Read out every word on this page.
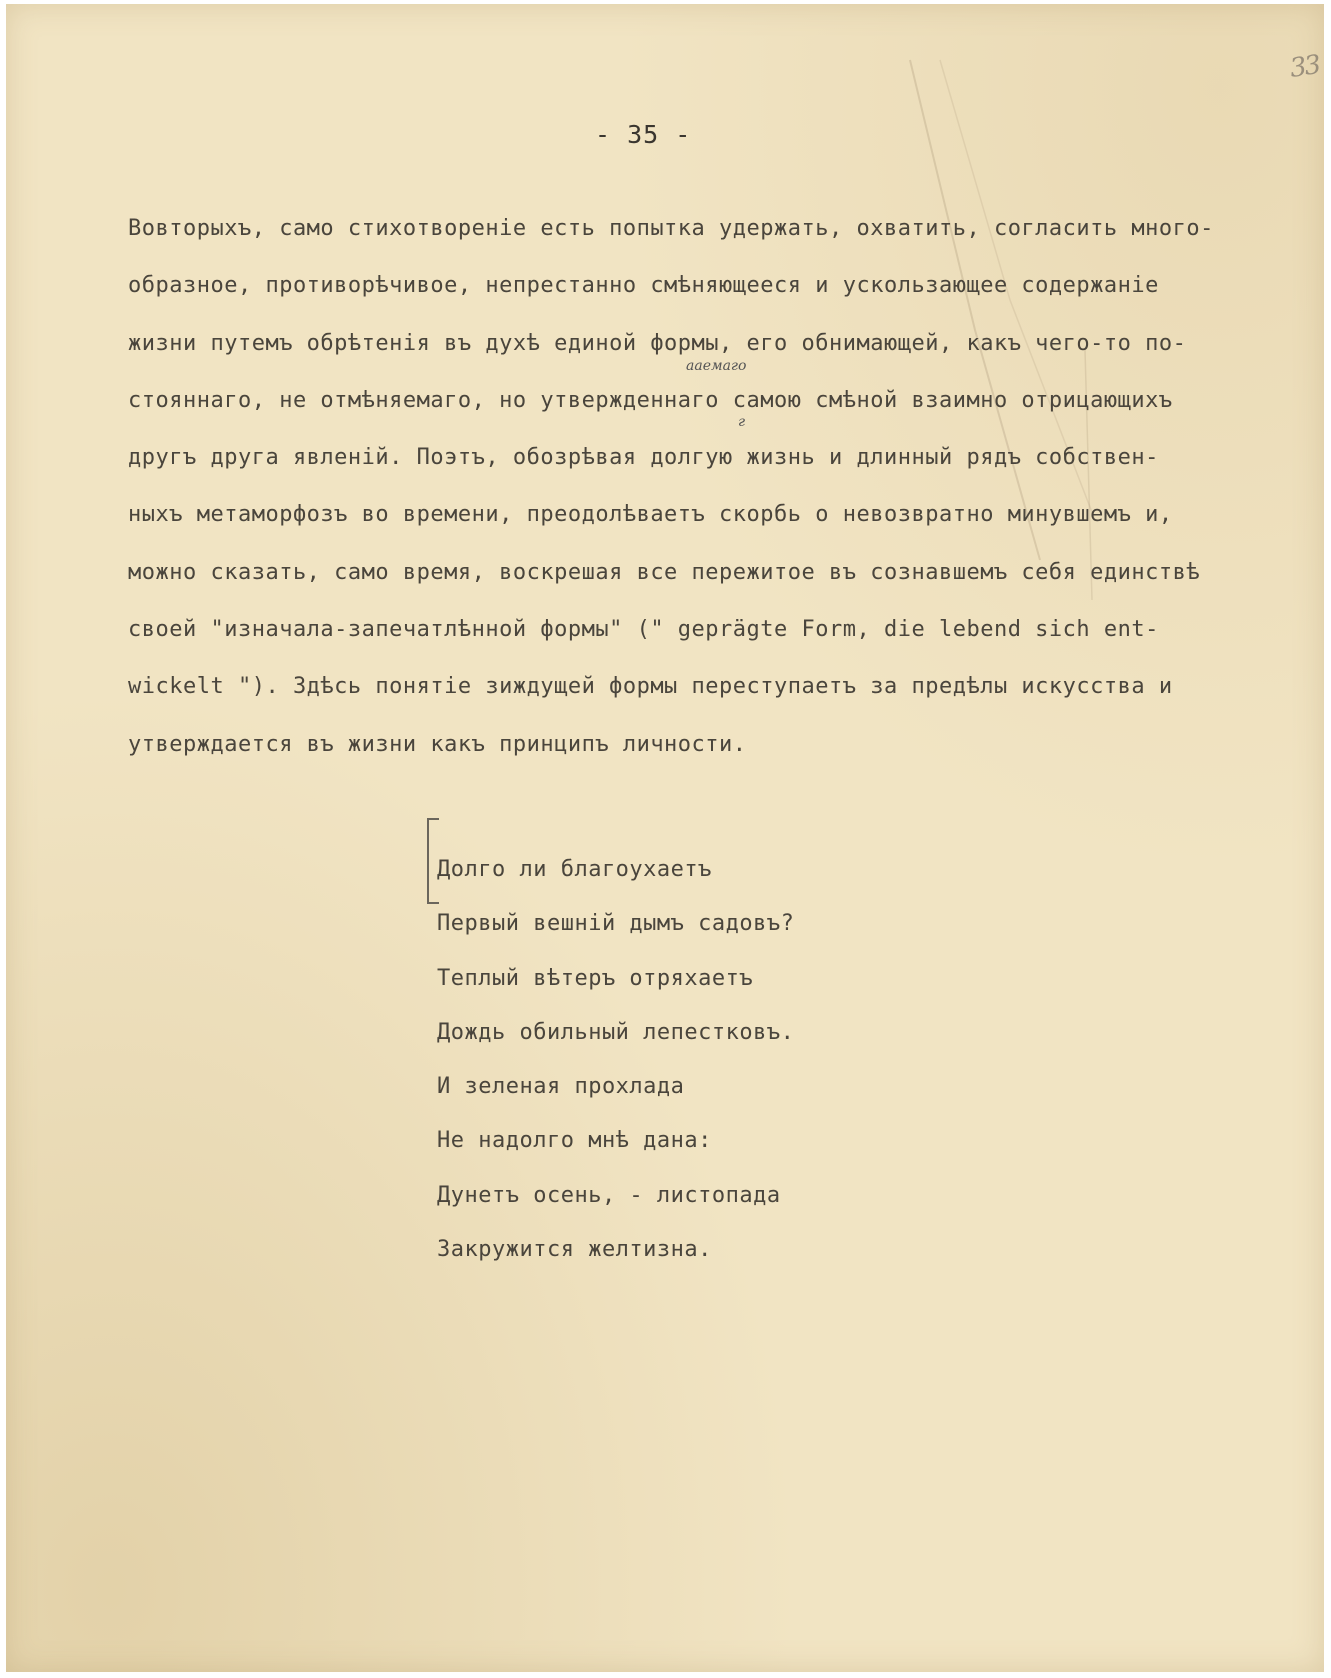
33
- 35 -
Вовторыхъ, само стихотворенiе есть попытка удержать, охватить, согласить много-
образное, противорѣчивое, непрестанно смѣняющееся и ускользающее содержанiе
жизни путемъ обрѣтенiя въ духѣ единой формы, его обнимающей, какъ чего-то по-
стояннаго, не отмѣняемаго, но утвержденнаго самою смѣной взаимно отрицающихъ
другъ друга явленiй. Поэтъ, обозрѣвая долгую жизнь и длинный рядъ собствен-
ныхъ метаморфозъ во времени, преодолѣваетъ скорбь о невозвратно минувшемъ и,
можно сказать, само время, воскрешая все пережитое въ сознавшемъ себя единствѣ
своей "изначала-запечатлѣнной формы" (" geprägte Form, die lebend sich ent-
wickelt "). Здѣсь понятiе зиждущей формы переступаетъ за предѣлы искусства и
утверждается въ жизни какъ принципъ личности.
ааемаго
г
Долго ли благоухаетъ
Первый вешнiй дымъ садовъ?
Теплый вѣтеръ отряхаетъ
Дождь обильный лепестковъ.
И зеленая прохлада
Не надолго мнѣ дана:
Дунетъ осень, - листопада
Закружится желтизна.
